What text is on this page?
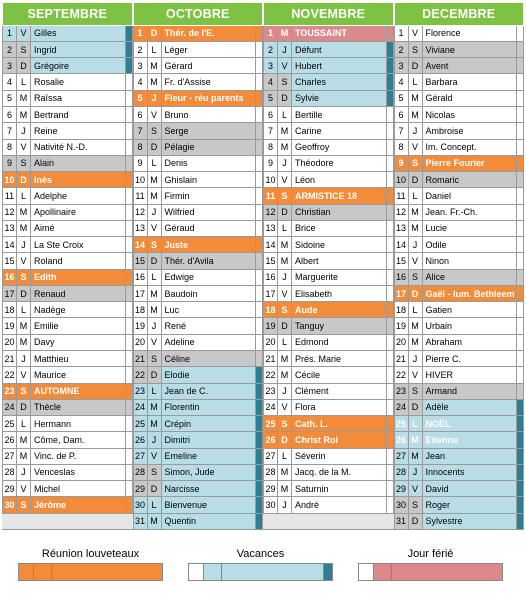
SEPTEMBRE
1 V Gilles
2 S Ingrid
3 D Grégoire
4 L Rosalie
5 M Raïssa
6 M Bertrand
7	J Reine
8 V Nativité N.-D.
9 S Alain
10 D Inès
11 L Adelphe
12 M Apollinaire
13 M Aimé
14 J La Ste Croix
15 V Roland
16 S Edith
17 D Renaud
18 L Nadège
19 M Emilie
20 M Davy
21 J Matthieu
22 V Maurice
23 S AUTOMNE
24 D Thècle
25 L Hermann
26 M Côme, Dam.
27 M Vinc. de P.
28 J Venceslas
29 V Michel
30 S Jérôme
OCTOBRE
1 D Thér. de l'E.
2 L Léger
3 M Gérard
4 M Fr. d'Assise
5 J Fleur - réu parents
6 V Bruno
7 S Serge
8 D Pélagie
9 L Denis
10 M Ghislain
11 M Firmin
12 J Wilfried
13 V Géraud
14 S Juste
15 D Thér. d'Avila
16 L Edwige
17 M Baudoin
18 M Luc
19 J René
20 V Adeline
21 S Céline
22 D Elodie
23 L Jean de C.
24 M Florentin
25 M Crépin
26 J Dimitri
27 V Emeline
28 S Simon, Jude
29 D Narcisse
30 L Bienvenue
31 M Quentin
NOVEMBRE
1 M TOUSSAINT
2	J Défunt
3 V Hubert
4 S Charles
5 D Sylvie
6 L Bertille
7 M Carine
8 M Geoffroy
9	J Théodore
10 V Léon
11 S ARMISTICE 18
12 D Christian
13 L Brice
14 M Sidoine
15 M Albert
16 J Marguerite
17 V Elisabeth
18 S Aude
19 D Tanguy
20 L Edmond
21 M Prés. Marie
22 M Cécile
23 J Clément
24 V Flora
25 S Cath. L.
26 D Christ Roi
27 L Séverin
28 M Jacq. de la M.
29 M Saturnin
30 J André
DECEMBRE
1 V Florence
2 S Viviane
3 D Avent
4 L Barbara
5 M Gérald
6 M Nicolas
7	J Ambroise
8 V Im. Concept.
9 S Pierre Fourier
10 D Romaric
11 L Daniel
12 M Jean. Fr.-Ch.
13 M Lucie
14 J Odile
15 V Ninon
16 S Alice
17 D Gaël - lum. Bethleem
18 L Gatien
19 M Urbain
20 M Abraham
21 J Pierre C.
22 V HIVER
23 S Armand
24 D Adèle
25 L NOËL
26 M Etienne
27 M Jean
28 J Innocents
29 V David
30 S Roger
31 D Sylvestre
Réunion louveteaux	Vacances	Jour férié
